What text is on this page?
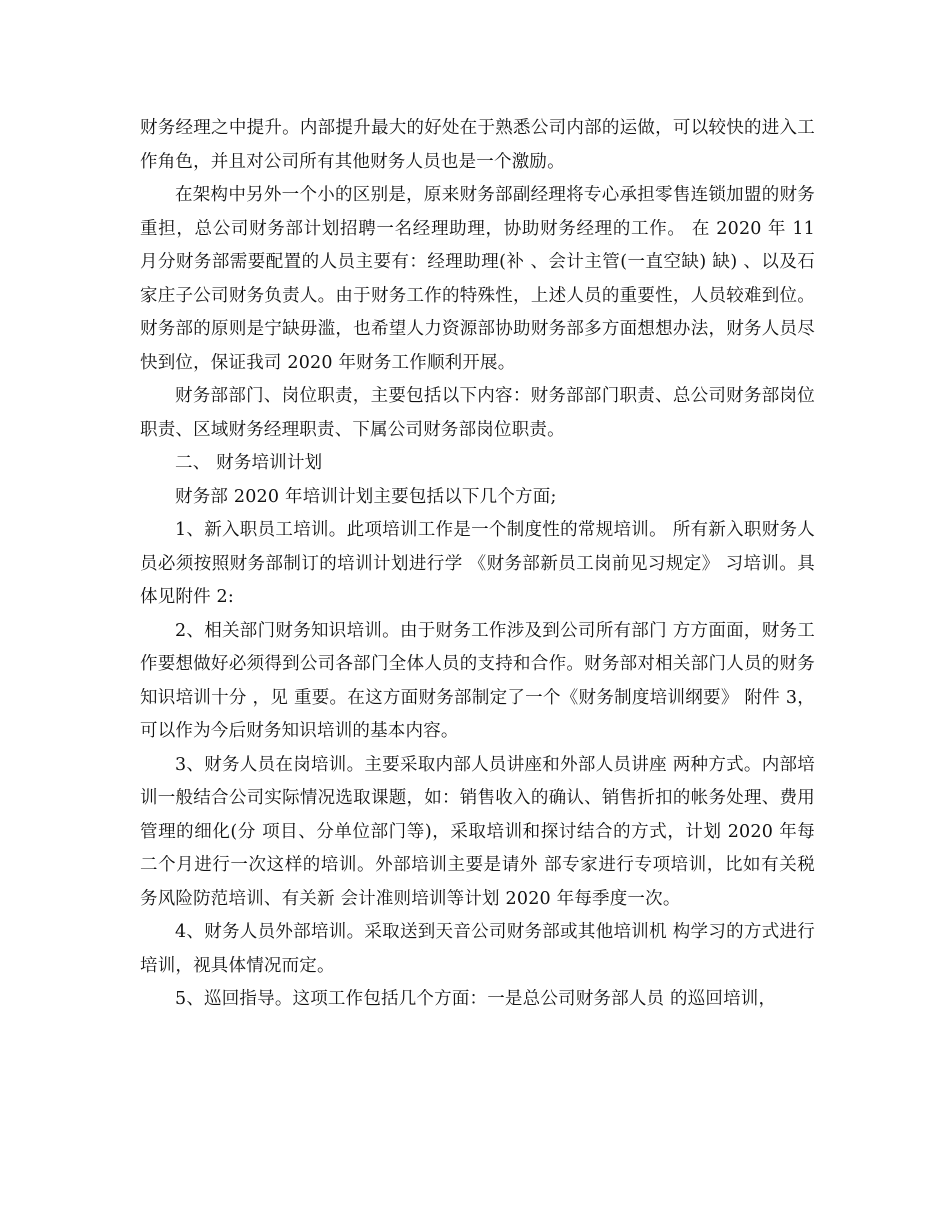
财务经理之中提升。内部提升最大的好处在于熟悉公司内部的运做，可以较快的进入工作角色，并且对公司所有其他财务人员也是一个激励。

在架构中另外一个小的区别是，原来财务部副经理将专心承担零售连锁加盟的财务重担，总公司财务部计划招聘一名经理助理，协助财务经理的工作。 在 2020 年 11 月分财务部需要配置的人员主要有：经理助理(补 、会计主管(一直空缺) 缺) 、以及石家庄子公司财务负责人。由于财务工作的特殊性，上述人员的重要性，人员较难到位。财务部的原则是宁缺毋滥，也希望人力资源部协助财务部多方面想想办法，财务人员尽快到位，保证我司 2020 年财务工作顺利开展。

财务部部门、岗位职责，主要包括以下内容：财务部部门职责、总公司财务部岗位职责、区域财务经理职责、下属公司财务部岗位职责。

二、 财务培训计划

财务部 2020 年培训计划主要包括以下几个方面;

1、新入职员工培训。此项培训工作是一个制度性的常规培训。 所有新入职财务人员必须按照财务部制订的培训计划进行学 《财务部新员工岗前见习规定》 习培训。具体见附件 2:

2、相关部门财务知识培训。由于财务工作涉及到公司所有部门 方方面面，财务工作要想做好必须得到公司各部门全体人员的支持和合作。财务部对相关部门人员的财务知识培训十分 ，见 重要。在这方面财务部制定了一个《财务制度培训纲要》 附件 3，可以作为今后财务知识培训的基本内容。

3、财务人员在岗培训。主要采取内部人员讲座和外部人员讲座 两种方式。内部培训一般结合公司实际情况选取课题，如：销售收入的确认、销售折扣的帐务处理、费用管理的细化(分 项目、分单位部门等)，采取培训和探讨结合的方式，计划 2020 年每二个月进行一次这样的培训。外部培训主要是请外 部专家进行专项培训，比如有关税务风险防范培训、有关新 会计准则培训等计划 2020 年每季度一次。

4、财务人员外部培训。采取送到天音公司财务部或其他培训机 构学习的方式进行培训，视具体情况而定。

5、巡回指导。这项工作包括几个方面：一是总公司财务部人员 的巡回培训，
